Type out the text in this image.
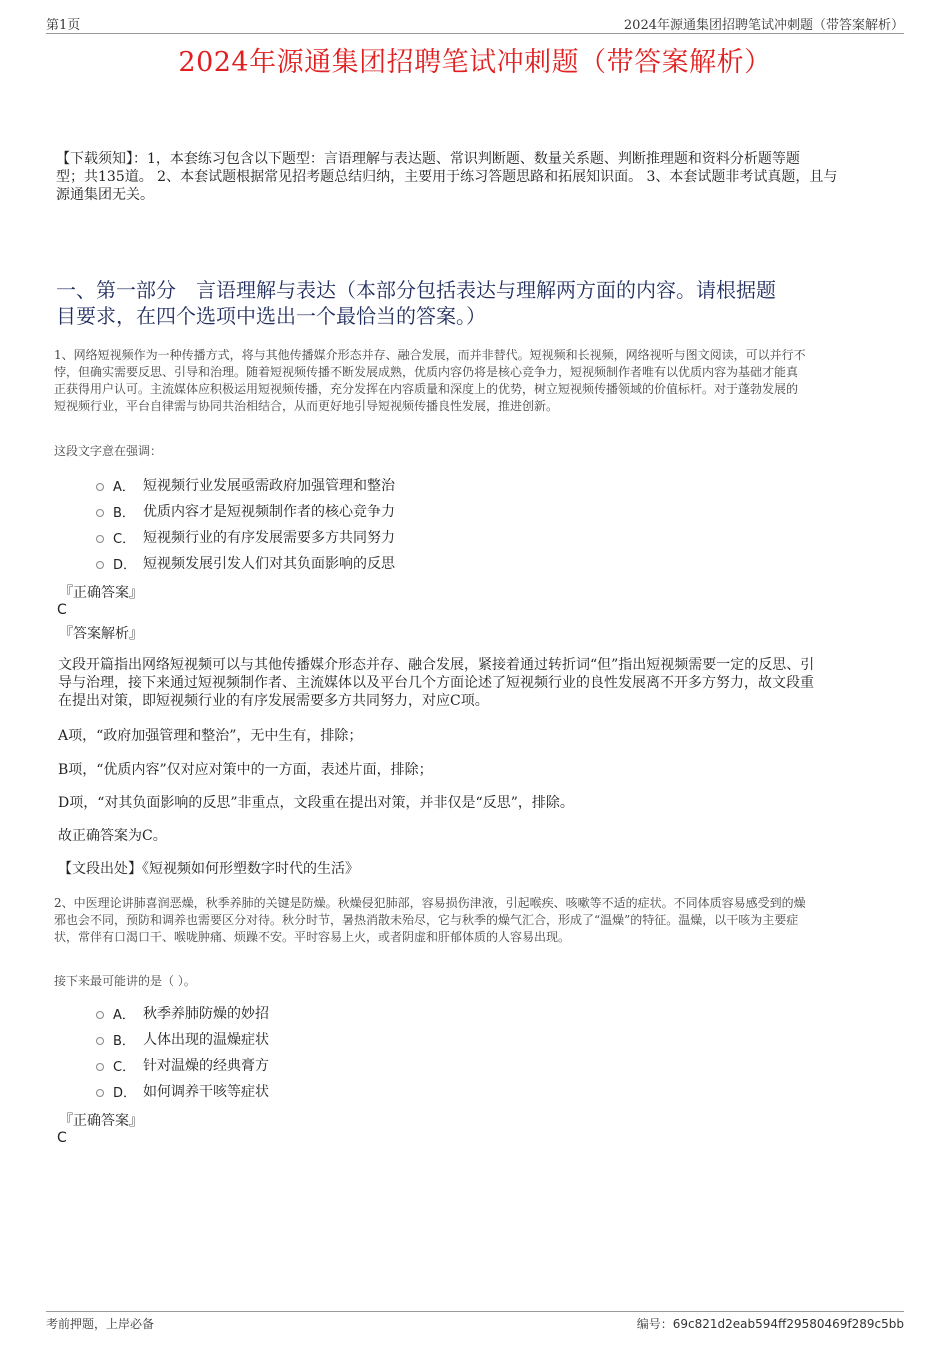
第1页	2024年源通集团招聘笔试冲刺题（带答案解析）
2024年源通集团招聘笔试冲刺题（带答案解析）
【下载须知】：1，本套练习包含以下题型：言语理解与表达题、常识判断题、数量关系题、判断推理题和资料分析题等题
型；共135道。 2、本套试题根据常见招考题总结归纳，主要用于练习答题思路和拓展知识面。 3、本套试题非考试真题，且与
源通集团无关。
一、第一部分　言语理解与表达（本部分包括表达与理解两方面的内容。请根据题
目要求，在四个选项中选出一个最恰当的答案。）
1、网络短视频作为一种传播方式，将与其他传播媒介形态并存、融合发展，而并非替代。短视频和长视频，网络视听与图文阅读，可以并行不
悖，但确实需要反思、引导和治理。随着短视频传播不断发展成熟，优质内容仍将是核心竞争力，短视频制作者唯有以优质内容为基础才能真
正获得用户认可。主流媒体应积极运用短视频传播，充分发挥在内容质量和深度上的优势，树立短视频传播领域的价值标杆。对于蓬勃发展的
短视频行业，平台自律需与协同共治相结合，从而更好地引导短视频传播良性发展，推进创新。
这段文字意在强调：
A． 短视频行业发展亟需政府加强管理和整治
B． 优质内容才是短视频制作者的核心竞争力
C． 短视频行业的有序发展需要多方共同努力
D． 短视频发展引发人们对其负面影响的反思
『正确答案』
C
『答案解析』
文段开篇指出网络短视频可以与其他传播媒介形态并存、融合发展，紧接着通过转折词“但”指出短视频需要一定的反思、引
导与治理，接下来通过短视频制作者、主流媒体以及平台几个方面论述了短视频行业的良性发展离不开多方努力，故文段重
在提出对策，即短视频行业的有序发展需要多方共同努力，对应C项。
A项，“政府加强管理和整治”，无中生有，排除；
B项，“优质内容”仅对应对策中的一方面，表述片面，排除；
D项，“对其负面影响的反思”非重点，文段重在提出对策，并非仅是“反思”，排除。
故正确答案为C。
【文段出处】《短视频如何形塑数字时代的生活》
2、中医理论讲肺喜润恶燥，秋季养肺的关键是防燥。秋燥侵犯肺部，容易损伤津液，引起喉疾、咳嗽等不适的症状。不同体质容易感受到的燥
邪也会不同，预防和调养也需要区分对待。秋分时节，暑热消散未殆尽，它与秋季的燥气汇合，形成了“温燥”的特征。温燥，以干咳为主要症
状，常伴有口渴口干、喉咙肿痛、烦躁不安。平时容易上火，或者阴虚和肝郁体质的人容易出现。
接下来最可能讲的是（ ）。
A． 秋季养肺防燥的妙招
B． 人体出现的温燥症状
C． 针对温燥的经典膏方
D． 如何调养干咳等症状
『正确答案』
C
考前押题，上岸必备	编号：69c821d2eab594ff29580469f289c5bb
